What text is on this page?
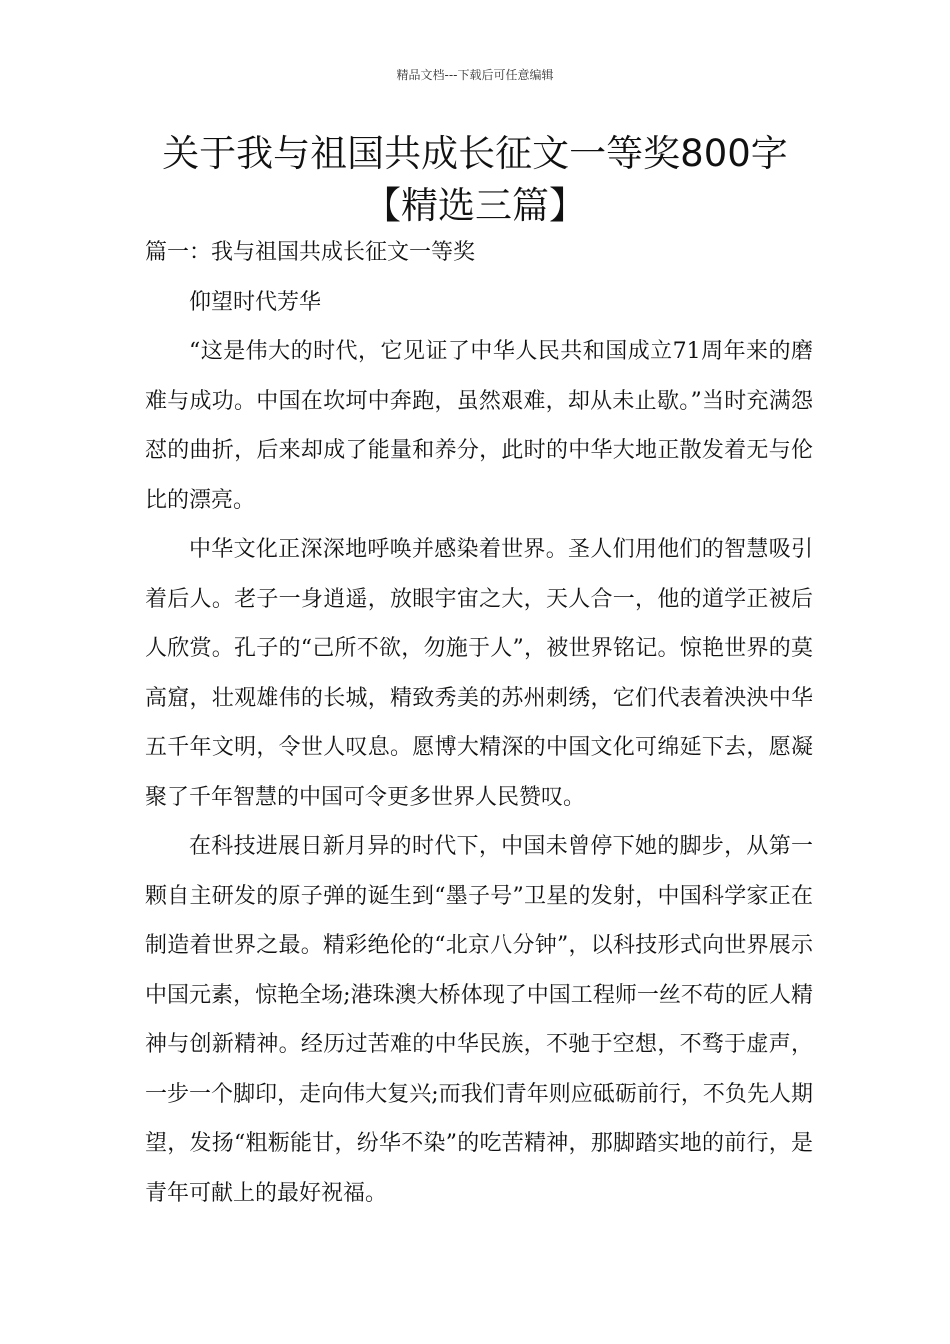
精品文档---下载后可任意编辑
关于我与祖国共成长征文一等奖800字
【精选三篇】

篇一：我与祖国共成长征文一等奖

仰望时代芳华

“这是伟大的时代，它见证了中华人民共和国成立71周年来的磨难与成功。中国在坎坷中奔跑，虽然艰难，却从未止歇。”当时充满怨怼的曲折，后来却成了能量和养分，此时的中华大地正散发着无与伦比的漂亮。

中华文化正深深地呼唤并感染着世界。圣人们用他们的智慧吸引着后人。老子一身逍遥，放眼宇宙之大，天人合一，他的道学正被后人欣赏。孔子的“己所不欲，勿施于人”，被世界铭记。惊艳世界的莫高窟，壮观雄伟的长城，精致秀美的苏州刺绣，它们代表着泱泱中华五千年文明，令世人叹息。愿博大精深的中国文化可绵延下去，愿凝聚了千年智慧的中国可令更多世界人民赞叹。

在科技进展日新月异的时代下，中国未曾停下她的脚步，从第一颗自主研发的原子弹的诞生到“墨子号”卫星的发射，中国科学家正在制造着世界之最。精彩绝伦的“北京八分钟”，以科技形式向世界展示中国元素，惊艳全场;港珠澳大桥体现了中国工程师一丝不苟的匠人精神与创新精神。经历过苦难的中华民族，不驰于空想，不骛于虚声，一步一个脚印，走向伟大复兴;而我们青年则应砥砺前行，不负先人期望，发扬“粗粝能甘，纷华不染”的吃苦精神，那脚踏实地的前行，是青年可献上的最好祝福。
